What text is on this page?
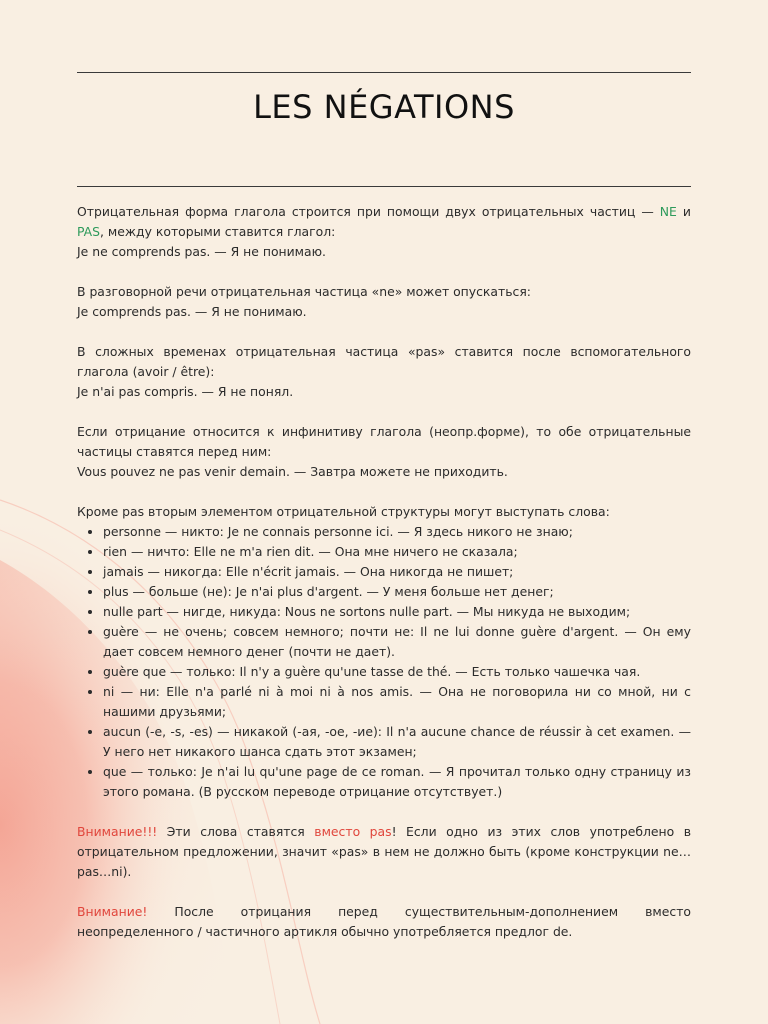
LES NÉGATIONS

Отрицательная форма глагола строится при помощи двух отрицательных частиц — NE и PAS, между которыми ставится глагол:
Je ne comprends pas. — Я не понимаю.

В разговорной речи отрицательная частица «ne» может опускаться:
Je comprends pas. — Я не понимаю.

В сложных временах отрицательная частица «pas» ставится после вспомогательного глагола (avoir / être):
Je n'ai pas compris. — Я не понял.

Если отрицание относится к инфинитиву глагола (неопр.форме), то обе отрицательные частицы ставятся перед ним:
Vous pouvez ne pas venir demain. — Завтра можете не приходить.

Кроме pas вторым элементом отрицательной структуры могут выступать слова:
• personne — никто: Je ne connais personne ici. — Я здесь никого не знаю;
• rien — ничто: Elle ne m'a rien dit. — Она мне ничего не сказала;
• jamais — никогда: Elle n'écrit jamais. — Она никогда не пишет;
• plus — больше (не): Je n'ai plus d'argent. — У меня больше нет денег;
• nulle part — нигде, никуда: Nous ne sortons nulle part. — Мы никуда не выходим;
• guère — не очень; совсем немного; почти не: Il ne lui donne guère d'argent. — Он ему дает совсем немного денег (почти не дает).
• guère que — только: Il n'y a guère qu'une tasse de thé. — Есть только чашечка чая.
• ni — ни: Elle n'a parlé ni à moi ni à nos amis. — Она не поговорила ни со мной, ни с нашими друзьями;
• aucun (-e, -s, -es) — никакой (-ая, -ое, -ие): Il n'a aucune chance de réussir à cet examen. — У него нет никакого шанса сдать этот экзамен;
• que — только: Je n'ai lu qu'une page de ce roman. — Я прочитал только одну страницу из этого романа. (В русском переводе отрицание отсутствует.)

Внимание!!! Эти слова ставятся вместо pas! Если одно из этих слов употреблено в отрицательном предложении, значит «pas» в нем не должно быть (кроме конструкции ne…pas…ni).

Внимание! После отрицания перед существительным-дополнением вместо неопределенного / частичного артикля обычно употребляется предлог de.
